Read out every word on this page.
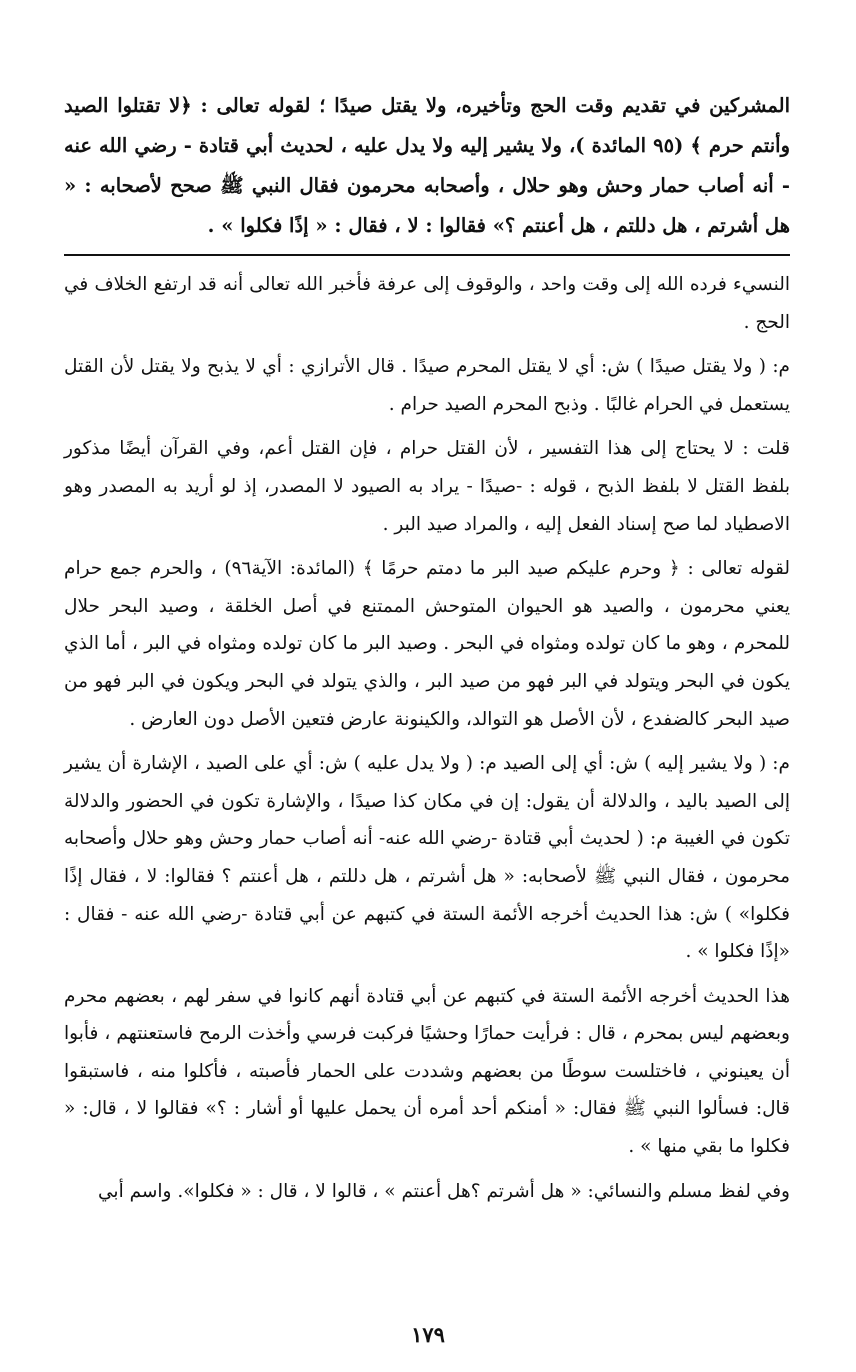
المشركين في تقديم وقت الحج وتأخيره، ولا يقتل صيدًا ؛ لقوله تعالى : ﴿لا تقتلوا الصيد وأنتم حرم ﴾ (٩٥ المائدة )، ولا يشير إليه ولا يدل عليه ، لحديث أبي قتادة - رضي الله عنه - أنه أصاب حمار وحش وهو حلال ، وأصحابه محرمون فقال النبي ﷺ صحح لأصحابه : « هل أشرتم ، هل دللتم ، هل أعنتم ؟» فقالوا : لا ، فقال : « إذًا فكلوا » .

النسيء فرده الله إلى وقت واحد ، والوقوف إلى عرفة فأخبر الله تعالى أنه قد ارتفع الخلاف في الحج .

م: ( ولا يقتل صيدًا ) ش: أي لا يقتل المحرم صيدًا . قال الأترازي : أي لا يذبح ولا يقتل لأن القتل يستعمل في الحرام غالبًا . وذبح المحرم الصيد حرام .

قلت : لا يحتاج إلى هذا التفسير ، لأن القتل حرام ، فإن القتل أعم، وفي القرآن أيضًا مذكور بلفظ القتل لا بلفظ الذبح ، قوله : -صيدًا - يراد به الصيود لا المصدر، إذ لو أريد به المصدر وهو الاصطياد لما صح إسناد الفعل إليه ، والمراد صيد البر .

لقوله تعالى : ﴿ وحرم عليكم صيد البر ما دمتم حرمًا ﴾ (المائدة: الآية٩٦) ، والحرم جمع حرام يعني محرمون ، والصيد هو الحيوان المتوحش الممتنع في أصل الخلقة ، وصيد البحر حلال للمحرم ، وهو ما كان تولده ومثواه في البحر . وصيد البر ما كان تولده ومثواه في البر ، أما الذي يكون في البحر ويتولد في البر فهو من صيد البر ، والذي يتولد في البحر ويكون في البر فهو من صيد البحر كالضفدع ، لأن الأصل هو التوالد، والكينونة عارض فتعين الأصل دون العارض .

م: ( ولا يشير إليه ) ش: أي إلى الصيد م: ( ولا يدل عليه ) ش: أي على الصيد ، الإشارة أن يشير إلى الصيد باليد ، والدلالة أن يقول: إن في مكان كذا صيدًا ، والإشارة تكون في الحضور والدلالة تكون في الغيبة م: ( لحديث أبي قتادة -رضي الله عنه- أنه أصاب حمار وحش وهو حلال وأصحابه محرمون ، فقال النبي ﷺ لأصحابه: « هل أشرتم ، هل دللتم ، هل أعنتم ؟ فقالوا: لا ، فقال إذًا فكلوا» ) ش: هذا الحديث أخرجه الأئمة الستة في كتبهم عن أبي قتادة -رضي الله عنه - فقال : «إذًا فكلوا » .

هذا الحديث أخرجه الأئمة الستة في كتبهم عن أبي قتادة أنهم كانوا في سفر لهم ، بعضهم محرم وبعضهم ليس بمحرم ، قال : فرأيت حمارًا وحشيًا فركبت فرسي وأخذت الرمح فاستعنتهم ، فأبوا أن يعينوني ، فاختلست سوطًا من بعضهم وشددت على الحمار فأصبته ، فأكلوا منه ، فاستبقوا قال: فسألوا النبي ﷺ فقال: « أمنكم أحد أمره أن يحمل عليها أو أشار : ؟» فقالوا لا ، قال: « فكلوا ما بقي منها » .

وفي لفظ مسلم والنسائي: « هل أشرتم ؟هل أعنتم » ، قالوا لا ، قال : « فكلوا». واسم أبي

١٧٩
